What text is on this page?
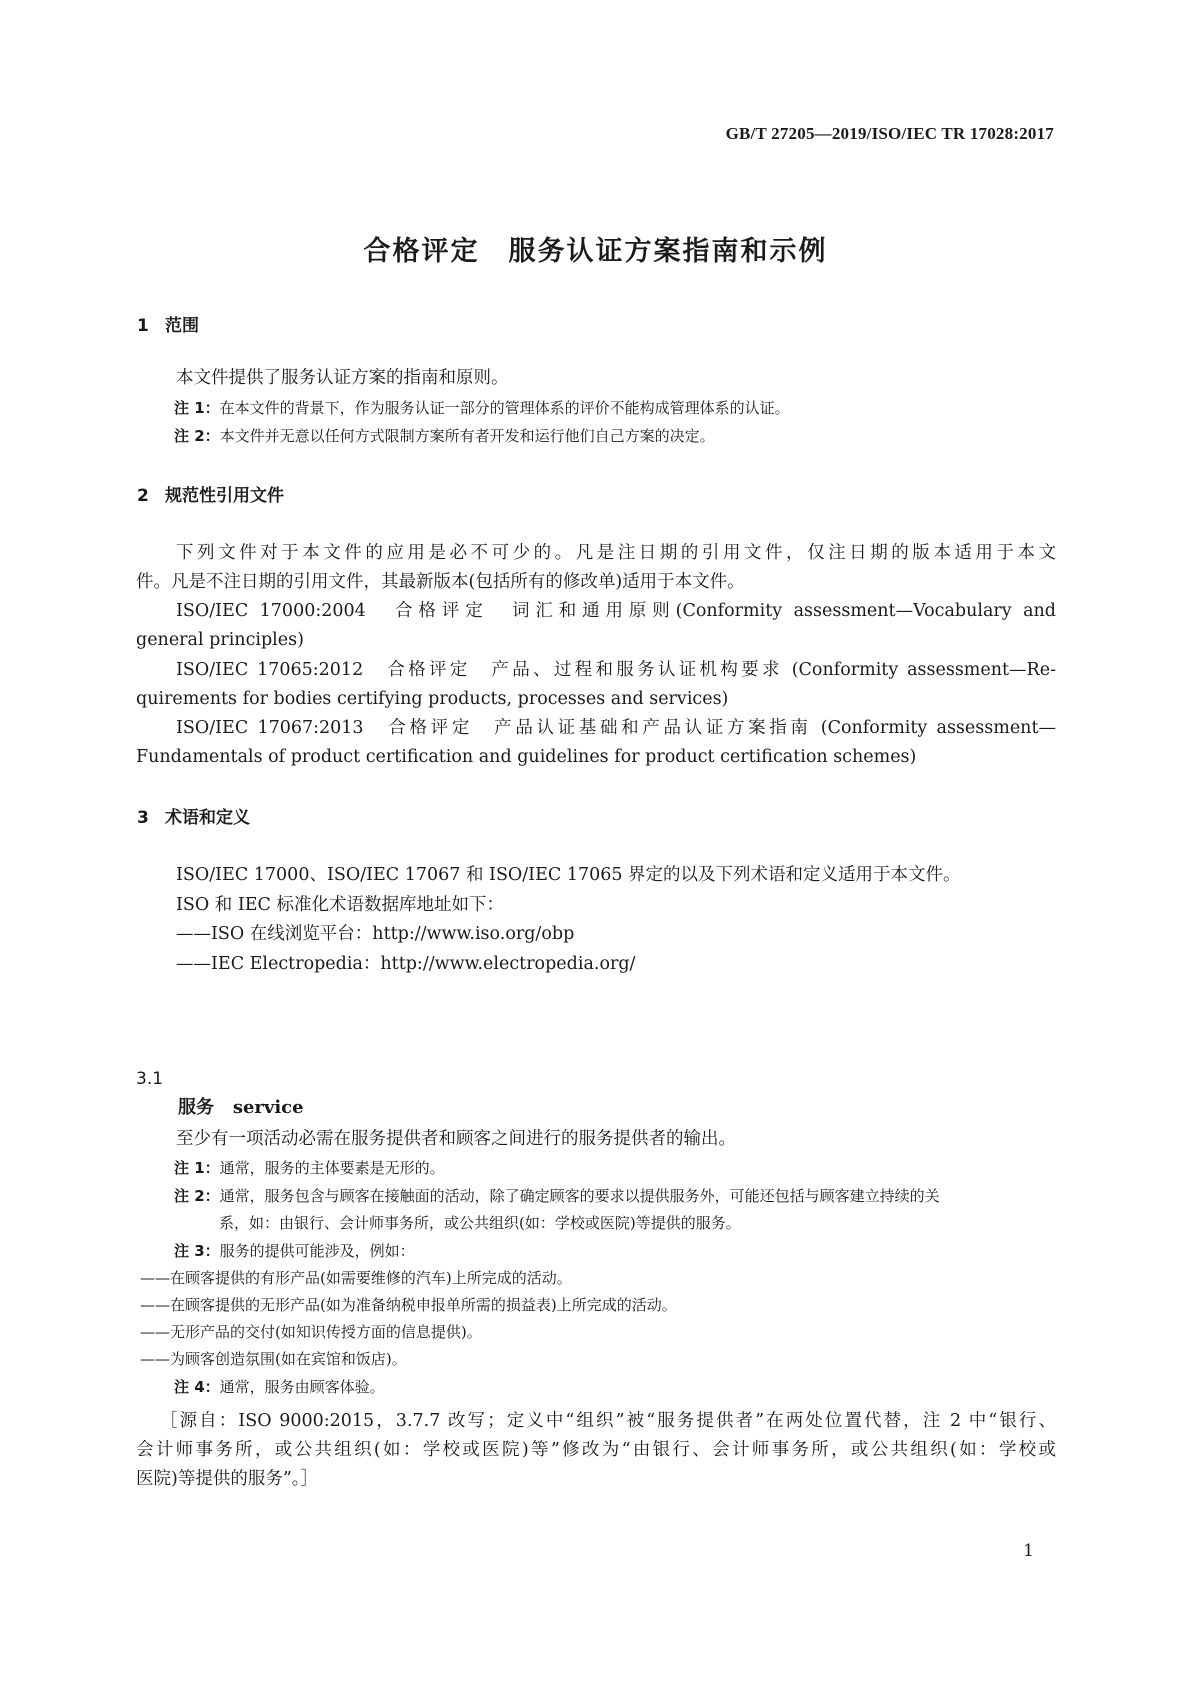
GB/T 27205—2019/ISO/IEC TR 17028:2017
合格评定　服务认证方案指南和示例
1 范围
本文件提供了服务认证方案的指南和原则。
注 1：在本文件的背景下，作为服务认证一部分的管理体系的评价不能构成管理体系的认证。
注 2：本文件并无意以任何方式限制方案所有者开发和运行他们自己方案的决定。
2 规范性引用文件
下列文件对于本文件的应用是必不可少的。凡是注日期的引用文件，仅注日期的版本适用于本文
件。凡是不注日期的引用文件，其最新版本(包括所有的修改单)适用于本文件。
ISO/IEC 17000:2004　合格评定　词汇和通用原则(Conformity assessment—Vocabulary and
general principles)
ISO/IEC 17065:2012　合格评定　产品、过程和服务认证机构要求 (Conformity assessment—Re-
quirements for bodies certifying products, processes and services)
ISO/IEC 17067:2013　合格评定　产品认证基础和产品认证方案指南 (Conformity assessment—
Fundamentals of product certification and guidelines for product certification schemes)
3 术语和定义
ISO/IEC 17000、ISO/IEC 17067 和 ISO/IEC 17065 界定的以及下列术语和定义适用于本文件。
ISO 和 IEC 标准化术语数据库地址如下：
——ISO 在线浏览平台：http://www.iso.org/obp
——IEC Electropedia：http://www.electropedia.org/
3.1
服务 service
至少有一项活动必需在服务提供者和顾客之间进行的服务提供者的输出。
注 1：通常，服务的主体要素是无形的。
注 2：通常，服务包含与顾客在接触面的活动，除了确定顾客的要求以提供服务外，可能还包括与顾客建立持续的关
系，如：由银行、会计师事务所，或公共组织(如：学校或医院)等提供的服务。
注 3：服务的提供可能涉及，例如：
——在顾客提供的有形产品(如需要维修的汽车)上所完成的活动。
——在顾客提供的无形产品(如为准备纳税申报单所需的损益表)上所完成的活动。
——无形产品的交付(如知识传授方面的信息提供)。
——为顾客创造氛围(如在宾馆和饭店)。
注 4：通常，服务由顾客体验。
［源自：ISO 9000:2015，3.7.7 改写；定义中“组织”被“服务提供者”在两处位置代替，注 2 中“银行、
会计师事务所，或公共组织(如：学校或医院)等”修改为“由银行、会计师事务所，或公共组织(如：学校或
医院)等提供的服务”。］
1
